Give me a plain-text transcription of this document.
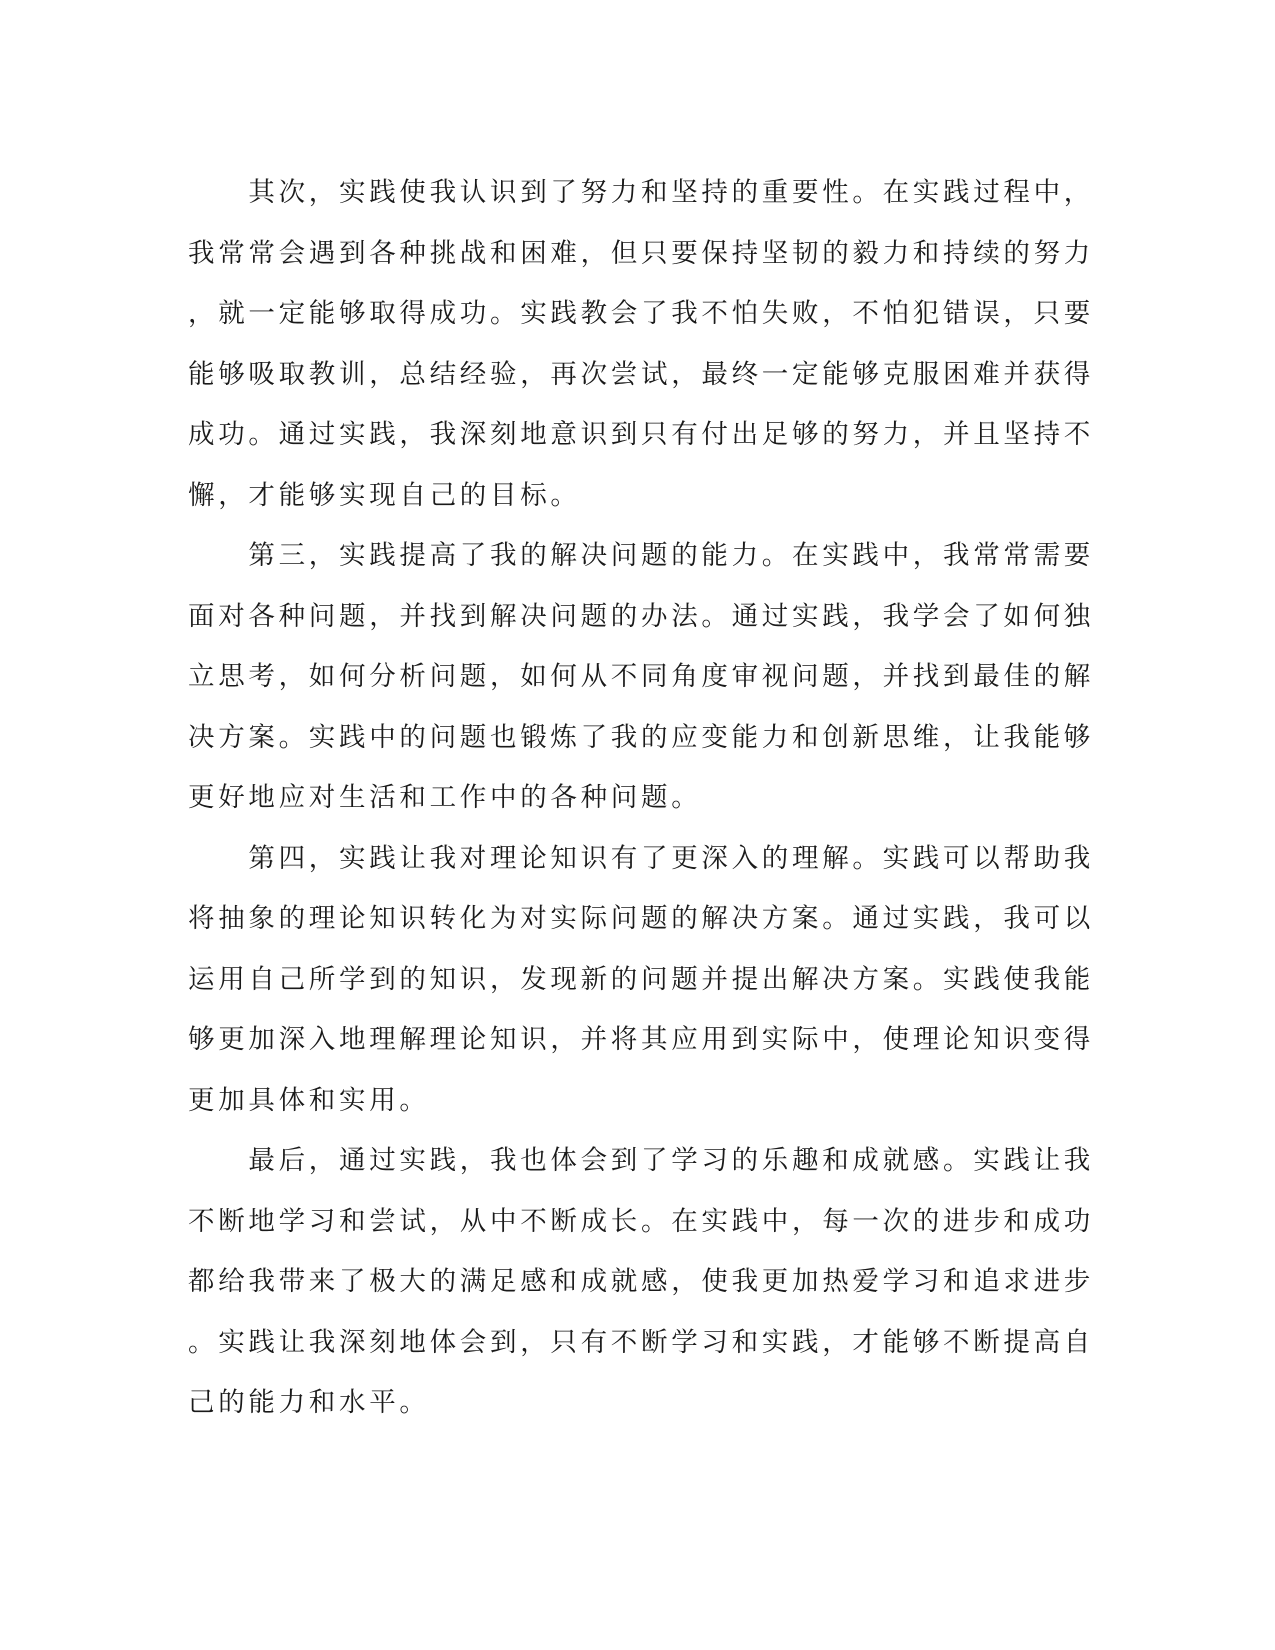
　　其次，实践使我认识到了努力和坚持的重要性。在实践过程中，
我常常会遇到各种挑战和困难，但只要保持坚韧的毅力和持续的努力
，就一定能够取得成功。实践教会了我不怕失败，不怕犯错误，只要
能够吸取教训，总结经验，再次尝试，最终一定能够克服困难并获得
成功。通过实践，我深刻地意识到只有付出足够的努力，并且坚持不
懈，才能够实现自己的目标。
　　第三，实践提高了我的解决问题的能力。在实践中，我常常需要
面对各种问题，并找到解决问题的办法。通过实践，我学会了如何独
立思考，如何分析问题，如何从不同角度审视问题，并找到最佳的解
决方案。实践中的问题也锻炼了我的应变能力和创新思维，让我能够
更好地应对生活和工作中的各种问题。
　　第四，实践让我对理论知识有了更深入的理解。实践可以帮助我
将抽象的理论知识转化为对实际问题的解决方案。通过实践，我可以
运用自己所学到的知识，发现新的问题并提出解决方案。实践使我能
够更加深入地理解理论知识，并将其应用到实际中，使理论知识变得
更加具体和实用。
　　最后，通过实践，我也体会到了学习的乐趣和成就感。实践让我
不断地学习和尝试，从中不断成长。在实践中，每一次的进步和成功
都给我带来了极大的满足感和成就感，使我更加热爱学习和追求进步
。实践让我深刻地体会到，只有不断学习和实践，才能够不断提高自
己的能力和水平。
